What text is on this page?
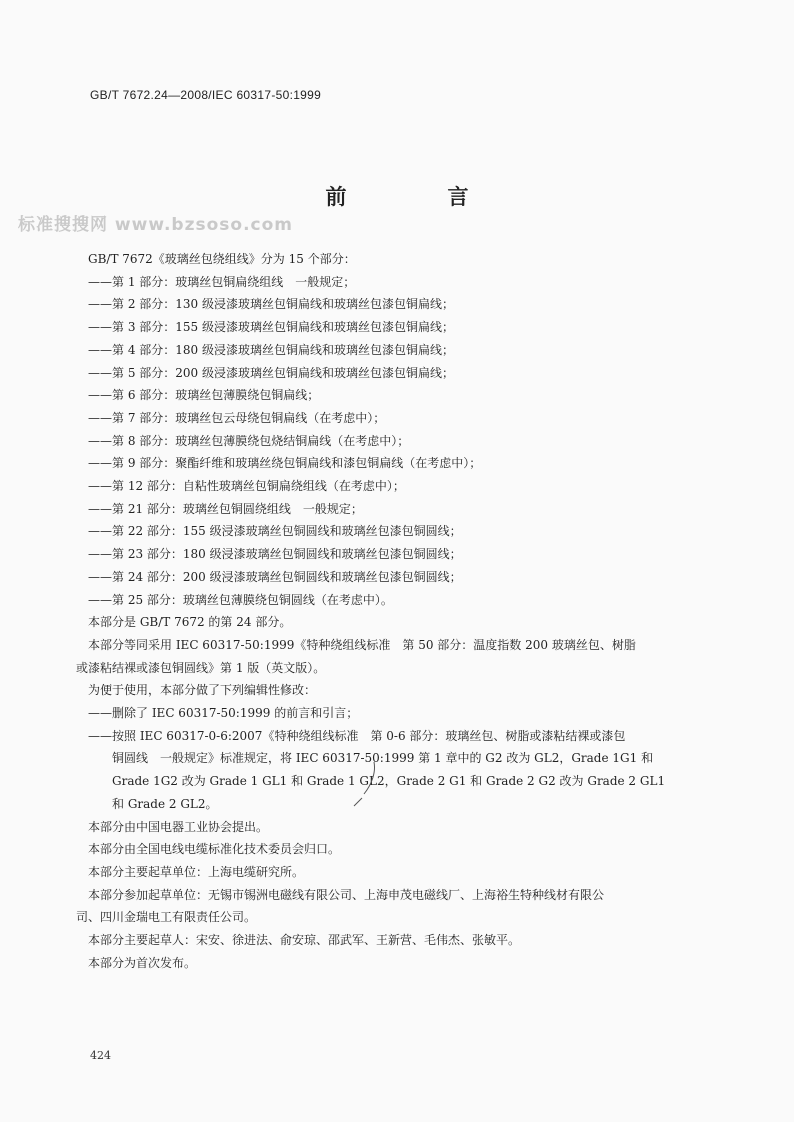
GB/T 7672.24—2008/IEC 60317-50:1999
标准搜搜网 www.bzsoso.com
前　言

GB/T 7672《玻璃丝包绕组线》分为 15 个部分：

——第 1 部分：玻璃丝包铜扁绕组线　一般规定；

——第 2 部分：130 级浸漆玻璃丝包铜扁线和玻璃丝包漆包铜扁线；

——第 3 部分：155 级浸漆玻璃丝包铜扁线和玻璃丝包漆包铜扁线；

——第 4 部分：180 级浸漆玻璃丝包铜扁线和玻璃丝包漆包铜扁线；

——第 5 部分：200 级浸漆玻璃丝包铜扁线和玻璃丝包漆包铜扁线；

——第 6 部分：玻璃丝包薄膜绕包铜扁线；

——第 7 部分：玻璃丝包云母绕包铜扁线（在考虑中）；

——第 8 部分：玻璃丝包薄膜绕包烧结铜扁线（在考虑中）；

——第 9 部分：聚酯纤维和玻璃丝绕包铜扁线和漆包铜扁线（在考虑中）；

——第 12 部分：自粘性玻璃丝包铜扁绕组线（在考虑中）；

——第 21 部分：玻璃丝包铜圆绕组线　一般规定；

——第 22 部分：155 级浸漆玻璃丝包铜圆线和玻璃丝包漆包铜圆线；

——第 23 部分：180 级浸漆玻璃丝包铜圆线和玻璃丝包漆包铜圆线；

——第 24 部分：200 级浸漆玻璃丝包铜圆线和玻璃丝包漆包铜圆线；

——第 25 部分：玻璃丝包薄膜绕包铜圆线（在考虑中）。

本部分是 GB/T 7672 的第 24 部分。

本部分等同采用 IEC 60317-50:1999《特种绕组线标准　第 50 部分：温度指数 200 玻璃丝包、树脂

或漆粘结裸或漆包铜圆线》第 1 版（英文版）。

为便于使用，本部分做了下列编辑性修改：

——删除了 IEC 60317-50:1999 的前言和引言；

——按照 IEC 60317-0-6:2007《特种绕组线标准　第 0-6 部分：玻璃丝包、树脂或漆粘结裸或漆包

铜圆线　一般规定》标准规定，将 IEC 60317-50:1999 第 1 章中的 G2 改为 GL2，Grade 1G1 和

Grade 1G2 改为 Grade 1 GL1 和 Grade 1 GL2，Grade 2 G1 和 Grade 2 G2 改为 Grade 2 GL1

和 Grade 2 GL2。

本部分由中国电器工业协会提出。

本部分由全国电线电缆标准化技术委员会归口。

本部分主要起草单位：上海电缆研究所。

本部分参加起草单位：无锡市锡洲电磁线有限公司、上海申茂电磁线厂、上海裕生特种线材有限公

司、四川金瑞电工有限责任公司。

本部分主要起草人：宋安、徐进法、俞安琼、邵武军、王新营、毛伟杰、张敏平。

本部分为首次发布。

424
